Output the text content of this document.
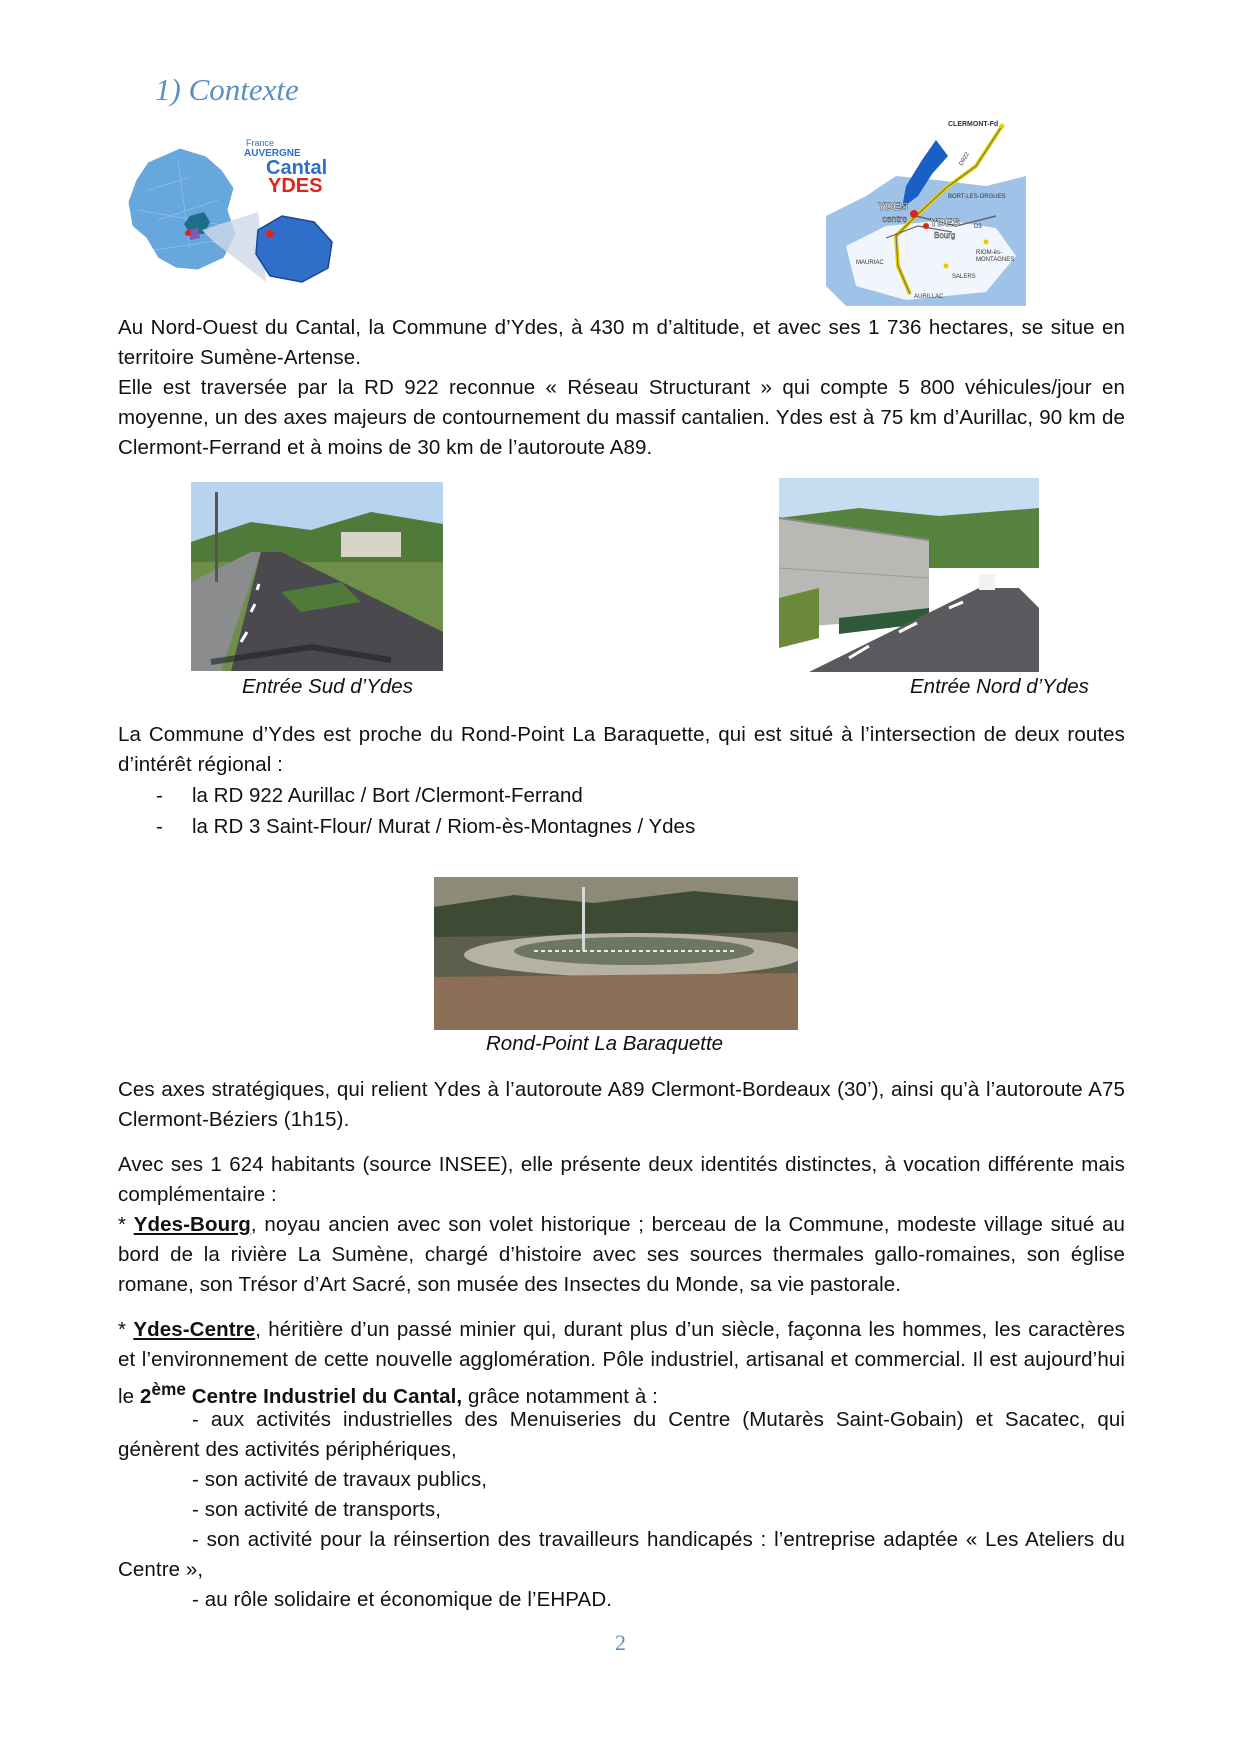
1) Contexte
France
AUVERGNE
Cantal
YDES
CLERMONT-Fd
D922
BORT-LES-ORGUES
YDES
centre YDES
Bourg
D3
RIOM-ès-
MONTAGNES
MAURIAC
SALERS
AURILLAC

Au Nord-Ouest du Cantal, la Commune d’Ydes, à 430 m d’altitude, et avec ses 1 736 hectares, se situe en territoire Sumène-Artense.

Elle est traversée par la RD 922 reconnue « Réseau Structurant » qui compte 5 800 véhicules/jour en moyenne, un des axes majeurs de contournement du massif cantalien. Ydes est à 75 km d’Aurillac, 90 km de Clermont-Ferrand et à moins de 30 km de l’autoroute A89.

Entrée Sud d’Ydes	Entrée Nord d’Ydes

La Commune d’Ydes est proche du Rond-Point La Baraquette, qui est situé à l’intersection de deux routes d’intérêt régional :

- la RD 922 Aurillac / Bort /Clermont-Ferrand
- la RD 3 Saint-Flour/ Murat / Riom-ès-Montagnes / Ydes

Rond-Point La Baraquette

Ces axes stratégiques, qui relient Ydes à l’autoroute A89 Clermont-Bordeaux (30’), ainsi qu’à l’autoroute A75 Clermont-Béziers (1h15).

Avec ses 1 624 habitants (source INSEE), elle présente deux identités distinctes, à vocation différente mais complémentaire :

* Ydes-Bourg, noyau ancien avec son volet historique ; berceau de la Commune, modeste village situé au bord de la rivière La Sumène, chargé d’histoire avec ses sources thermales gallo-romaines, son église romane, son Trésor d’Art Sacré, son musée des Insectes du Monde, sa vie pastorale.

* Ydes-Centre, héritière d’un passé minier qui, durant plus d’un siècle, façonna les hommes, les caractères et l’environnement de cette nouvelle agglomération. Pôle industriel, artisanal et commercial. Il est aujourd’hui le 2ème Centre Industriel du Cantal, grâce notamment à :

- aux activités industrielles des Menuiseries du Centre (Mutarès Saint-Gobain) et Sacatec, qui génèrent des activités périphériques,

- son activité de travaux publics,

- son activité de transports,

- son activité pour la réinsertion des travailleurs handicapés : l’entreprise adaptée « Les Ateliers du Centre »,

- au rôle solidaire et économique de l’EHPAD.

2
